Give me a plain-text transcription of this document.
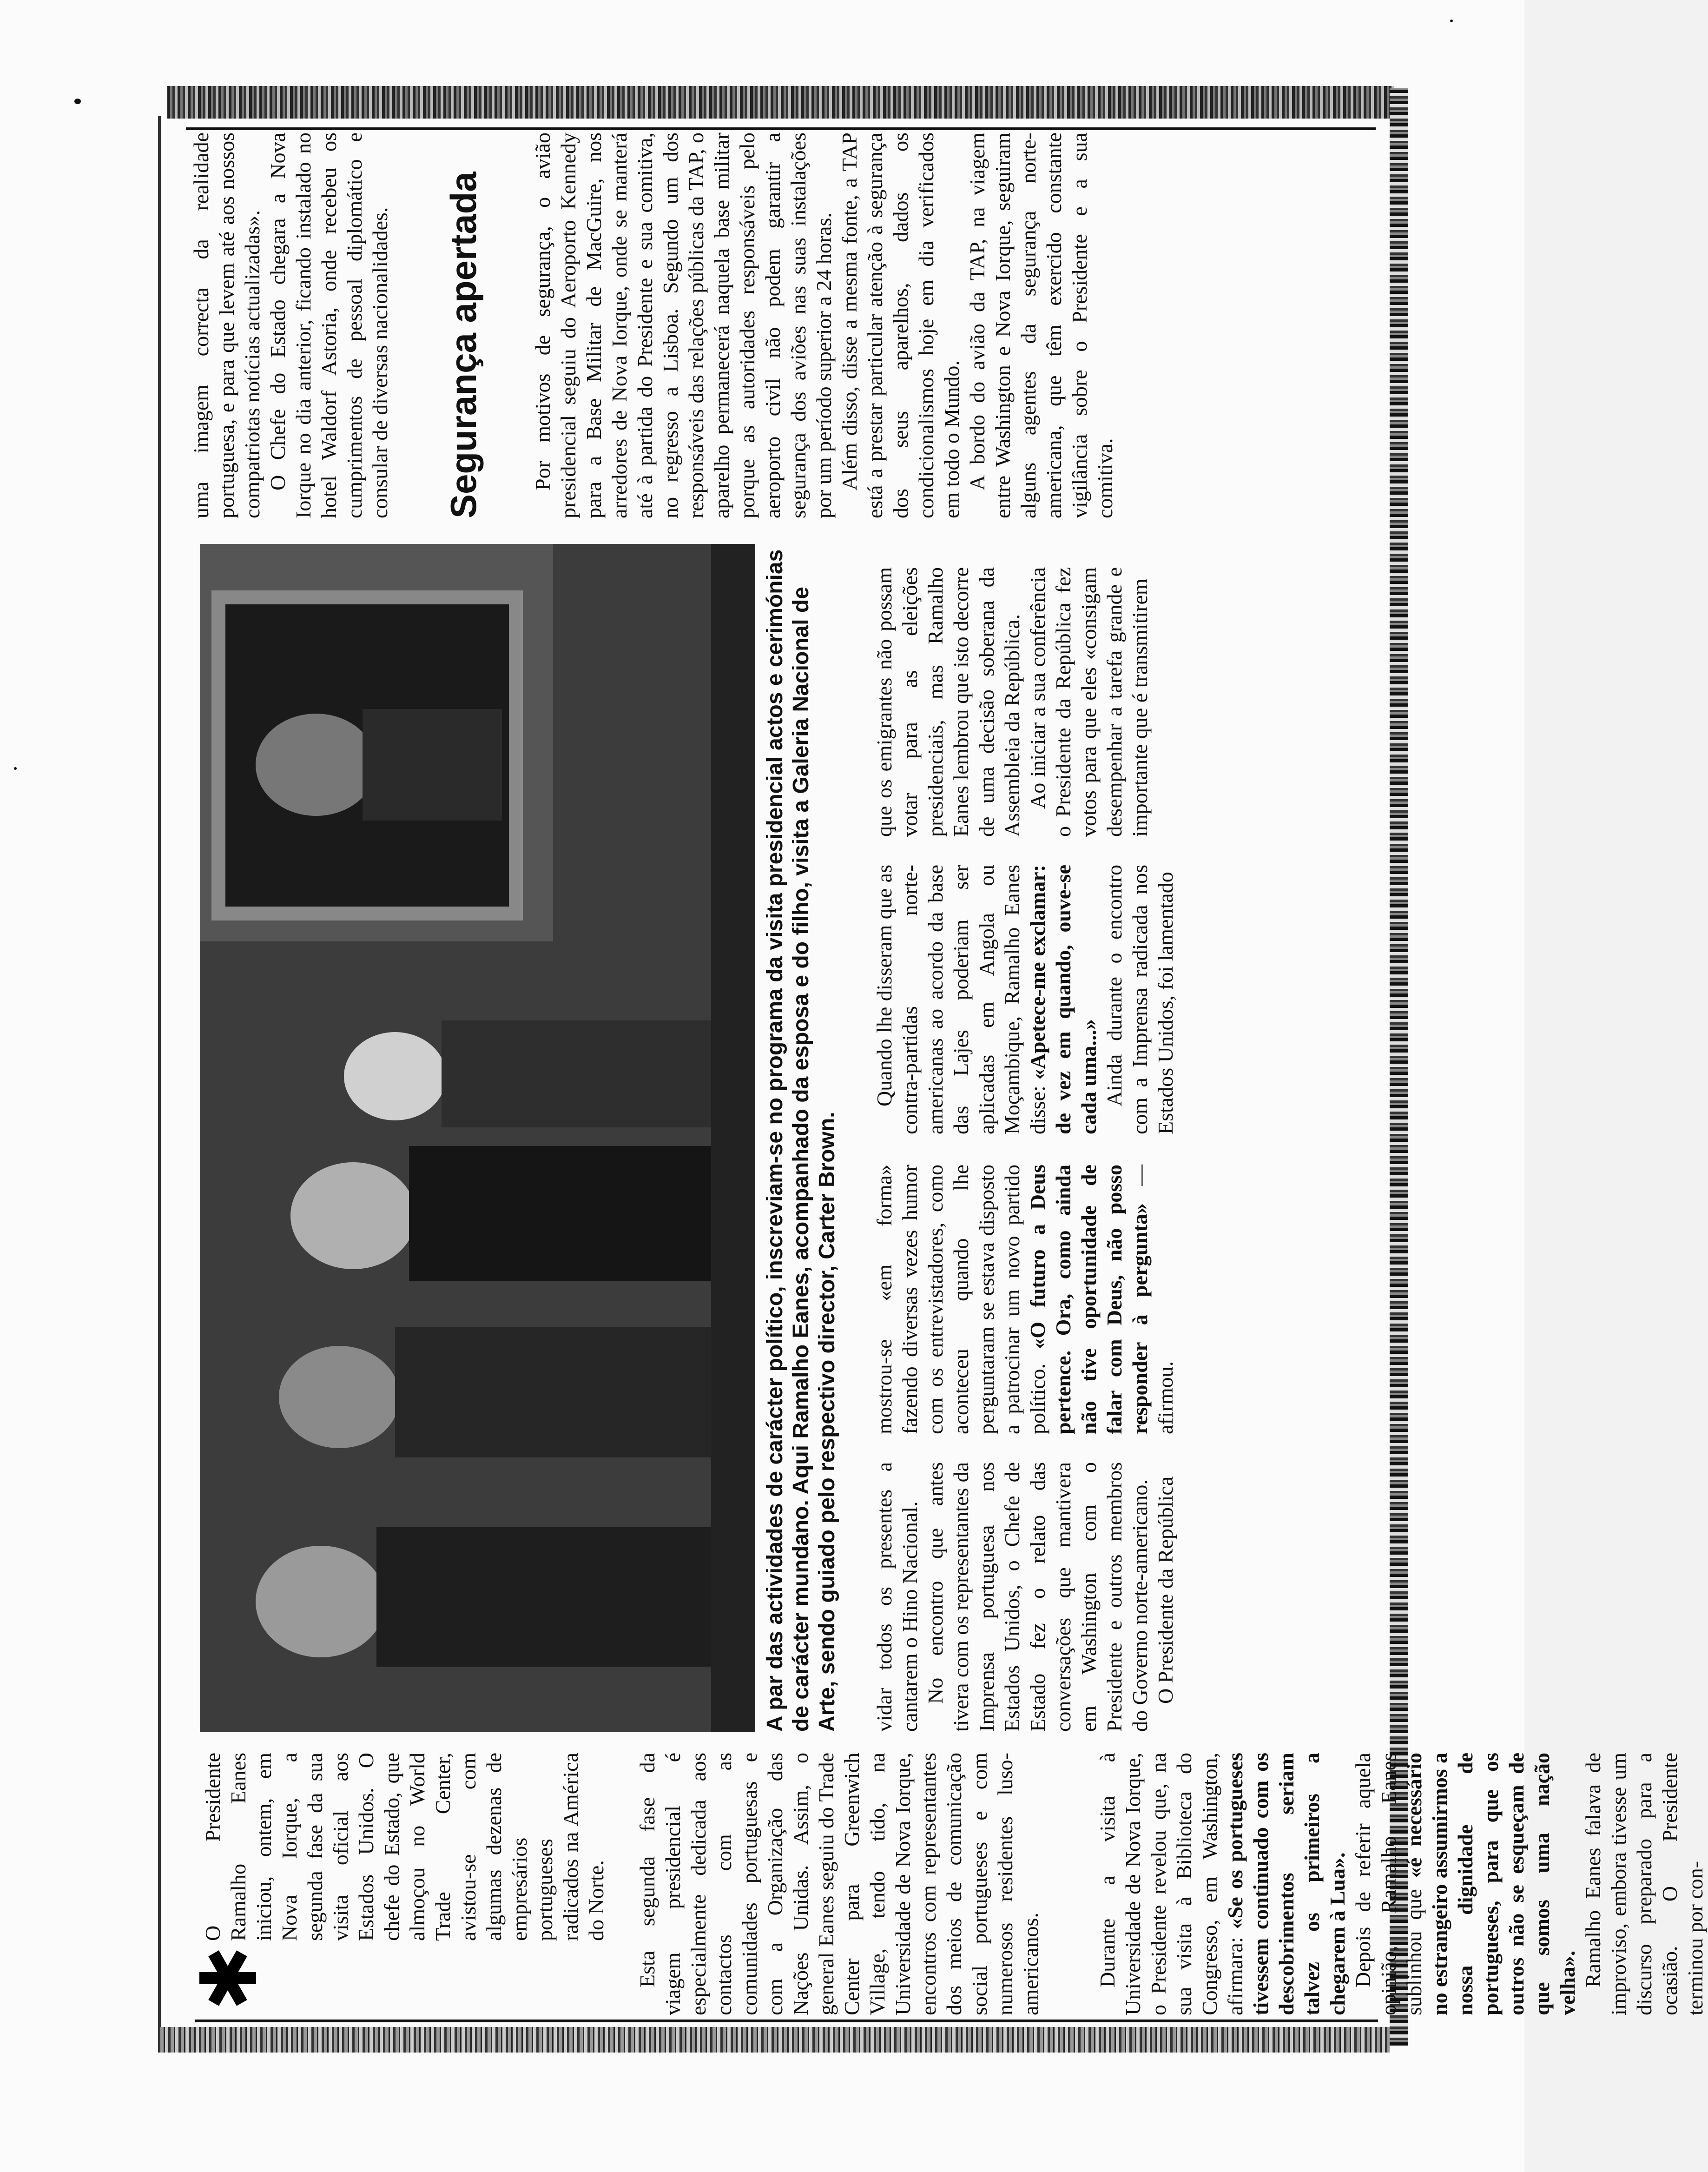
O Presidente Ramalho Eanes iniciou, ontem, em Nova Iorque, a segunda fase da sua visita oficial aos Estados Unidos. O chefe do Estado, que almoçou no World Trade Center, avistou-se com algumas dezenas de empresários portugueses radicados na América do Norte. Esta segunda fase da viagem presidencial é especialmente dedicada aos contactos com as comunidades portuguesas e com a Organização das Nações Unidas. Assim, o general Eanes seguiu do Trade Center para Greenwich Village, tendo tido, na Universidade de Nova Iorque, encontros com representantes dos meios de comunicação social portugueses e com numerosos residentes luso-americanos. Durante a visita à Universidade de Nova Iorque, o Presidente revelou que, na sua visita à Biblioteca do Congresso, em Washington, afirmara: «Se os portugueses tivessem continuado com os descobrimentos seriam talvez os primeiros a chegarem à Lua». Depois de referir aquela opinião, Ramalho Eanes sublinhou que «é necessário no estrangeiro assumirmos a nossa dignidade de portugueses, para que os outros não se esqueçam de que somos uma nação velha». Ramalho Eanes falava de improviso, embora tivesse um discurso preparado para a ocasião. O Presidente terminou por con-

A par das actividades de carácter político, inscreviam-se no programa da visita presidencial actos e cerimónias de carácter mundano. Aqui Ramalho Eanes, acompanhado da esposa e do filho, visita a Galeria Nacional de Arte, sendo guiado pelo respectivo director, Carter Brown. vidar todos os presentes a cantarem o Hino Nacional. No encontro que antes tivera com os representantes da Imprensa portuguesa nos Estados Unidos, o Chefe de Estado fez o relato das conversações que mantivera em Washington com o Presidente e outros membros do Governo norte-americano. O Presidente da República

mostrou-se «em forma» fazendo diversas vezes humor com os entrevistadores, como aconteceu quando lhe perguntaram se estava disposto a patrocinar um novo partido político. «O futuro a Deus pertence. Ora, como ainda não tive oportunidade de falar com Deus, não posso responder à pergunta» — afirmou.

Quando lhe disseram que as contra-partidas norte-americanas ao acordo da base das Lajes poderiam ser aplicadas em Angola ou Moçambique, Ramalho Eanes disse: «Apetece-me exclamar: de vez em quando, ouve-se cada uma...» Ainda durante o encontro com a Imprensa radicada nos Estados Unidos, foi lamentado

que os emigrantes não possam votar para as eleições presidenciais, mas Ramalho Eanes lembrou que isto decorre de uma decisão soberana da Assembleia da República. Ao iniciar a sua conferência o Presidente da República fez votos para que eles «consigam desempenhar a tarefa grande e importante que é transmitirem

uma imagem correcta da realidade portuguesa, e para que levem até aos nossos compatriotas notícias actualizadas». O Chefe do Estado chegara a Nova Iorque no dia anterior, ficando instalado no hotel Waldorf Astoria, onde recebeu os cumprimentos de pessoal diplomático e consular de diversas nacionalidades. Segurança apertada Por motivos de segurança, o avião presidencial seguiu do Aeroporto Kennedy para a Base Militar de MacGuire, nos arredores de Nova Iorque, onde se manterá até à partida do Presidente e sua comitiva, no regresso a Lisboa. Segundo um dos responsáveis das relações públicas da TAP, o aparelho permanecerá naquela base militar porque as autoridades responsáveis pelo aeroporto civil não podem garantir a segurança dos aviões nas suas instalações por um período superior a 24 horas. Além disso, disse a mesma fonte, a TAP está a prestar particular atenção à segurança dos seus aparelhos, dados os condicionalismos hoje em dia verificados em todo o Mundo. A bordo do avião da TAP, na viagem entre Washington e Nova Iorque, seguiram alguns agentes da segurança norte-americana, que têm exercido constante vigilância sobre o Presidente e a sua comitiva.
